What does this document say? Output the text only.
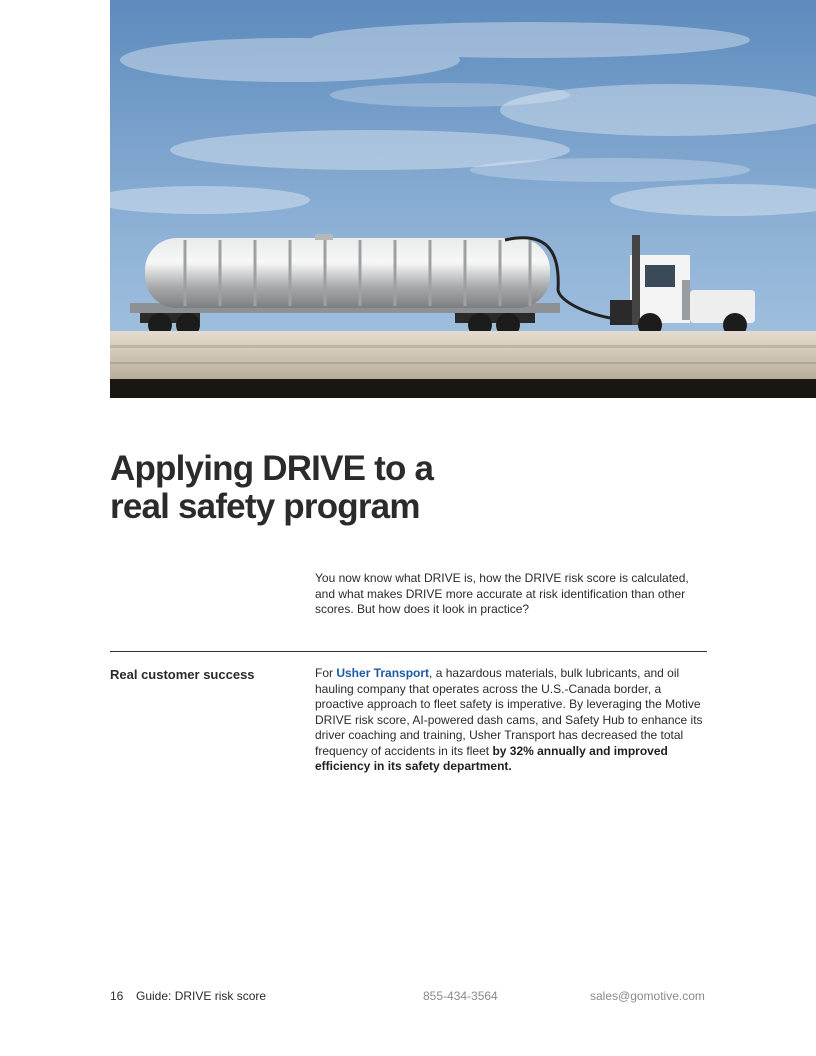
Applying DRIVE to a
real safety program

You now know what DRIVE is, how the DRIVE risk score is calculated, and what makes DRIVE more accurate at risk identification than other scores. But how does it look in practice?

Real customer success	For Usher Transport, a hazardous materials, bulk lubricants, and oil hauling company that operates across the U.S.-Canada border, a proactive approach to fleet safety is imperative. By leveraging the Motive DRIVE risk score, AI-powered dash cams, and Safety Hub to enhance its driver coaching and training, Usher Transport has decreased the total frequency of accidents in its fleet by 32% annually and improved efficiency in its safety department.

16 Guide: DRIVE risk score	855-434-3564	sales@gomotive.com
